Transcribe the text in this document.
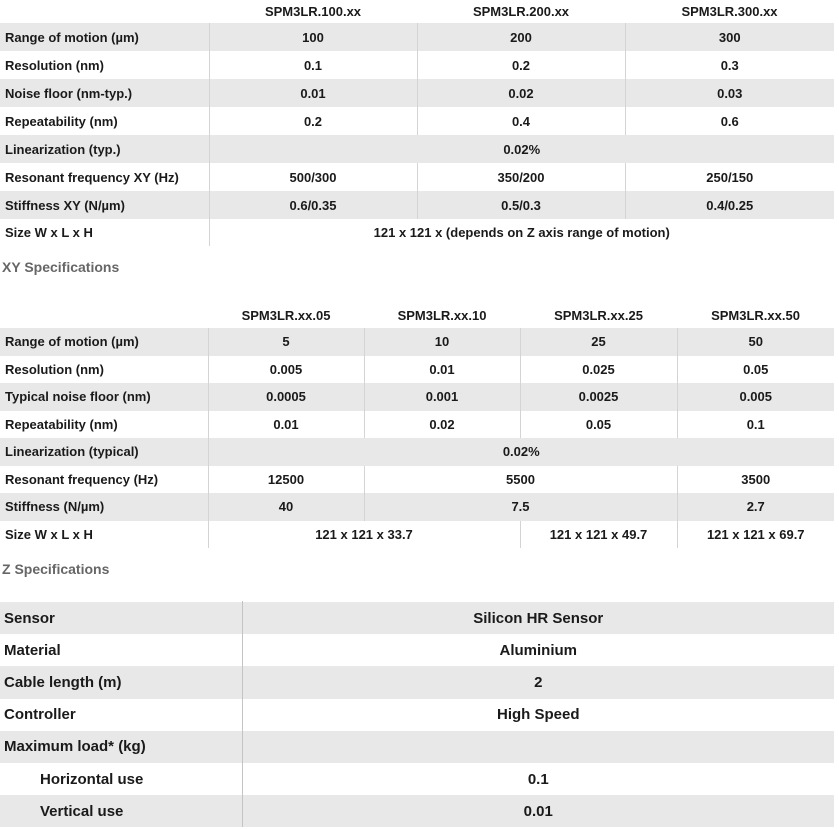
	SPM3LR.100.xx	SPM3LR.200.xx	SPM3LR.300.xx
Range of motion (µm)	100	200	300
Resolution (nm)	0.1	0.2	0.3
Noise floor (nm-typ.)	0.01	0.02	0.03
Repeatability (nm)	0.2	0.4	0.6
Linearization (typ.)	0.02%		
Resonant frequency XY (Hz)	500/300	350/200	250/150
Stiffness XY (N/µm)	0.6/0.35	0.5/0.3	0.4/0.25
Size W x L x H	121 x 121 x (depends on Z axis range of motion)		
XY Specifications
	SPM3LR.xx.05	SPM3LR.xx.10	SPM3LR.xx.25	SPM3LR.xx.50
Range of motion (µm)	5	10	25	50
Resolution (nm)	0.005	0.01	0.025	0.05
Typical noise floor (nm)	0.0005	0.001	0.0025	0.005
Repeatability (nm)	0.01	0.02	0.05	0.1
Linearization (typical)	0.02%			
Resonant frequency (Hz)	12500	5500		3500
Stiffness (N/µm)	40	7.5		2.7
Size W x L x H	121 x 121 x 33.7		121 x 121 x 49.7	121 x 121 x 69.7
Z Specifications

Sensor	Silicon HR Sensor
Material	Aluminium
Cable length (m)	2
Controller	High Speed
Maximum load* (kg)	
Horizontal use	0.1
Vertical use	0.01
